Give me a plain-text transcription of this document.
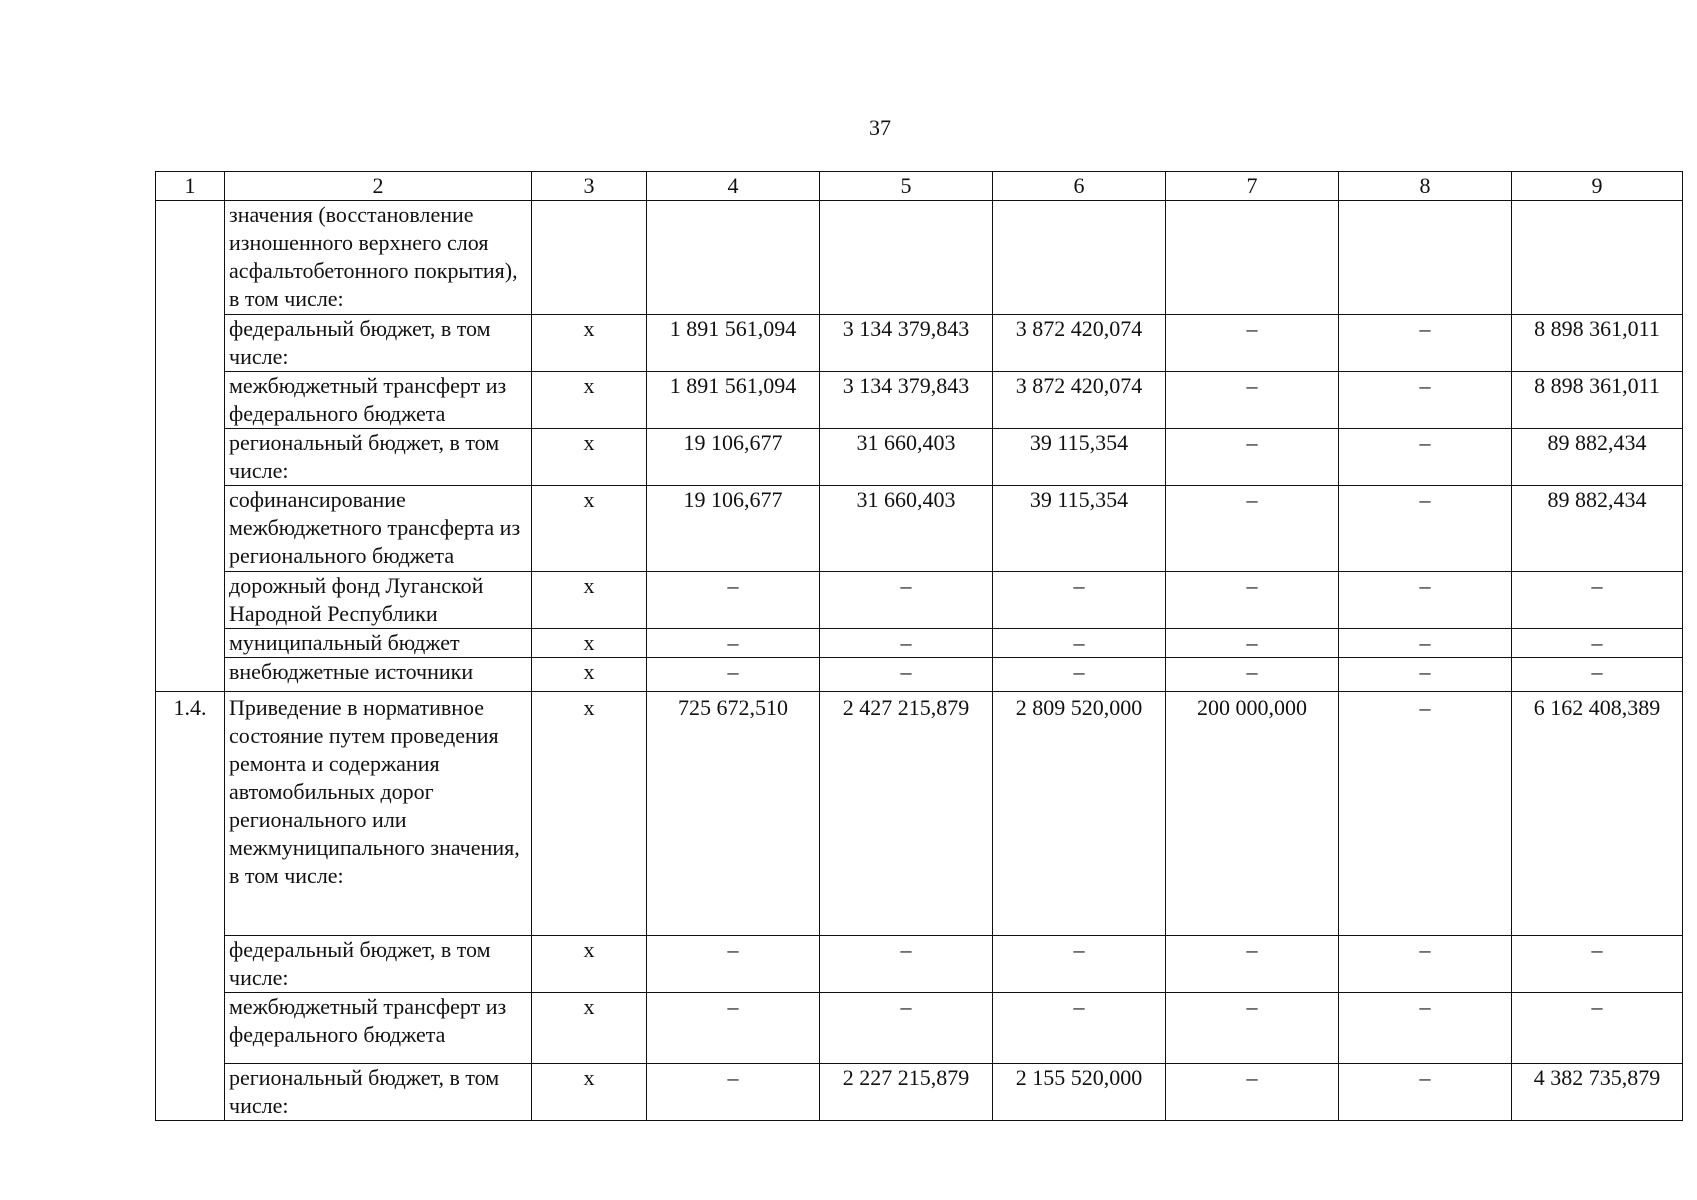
37
1	2	3	4	5	6	7	8	9
	значения (восстановление изношенного верхнего слоя асфальтобетонного покрытия), в том числе:							
	федеральный бюджет, в том числе:	х	1 891 561,094	3 134 379,843	3 872 420,074	–	–	8 898 361,011
	межбюджетный трансферт из федерального бюджета	х	1 891 561,094	3 134 379,843	3 872 420,074	–	–	8 898 361,011
	региональный бюджет, в том числе:	х	19 106,677	31 660,403	39 115,354	–	–	89 882,434
	софинансирование межбюджетного трансферта из регионального бюджета	х	19 106,677	31 660,403	39 115,354	–	–	89 882,434
	дорожный фонд Луганской Народной Республики	х	–	–	–	–	–	–
	муниципальный бюджет	х	–	–	–	–	–	–
	внебюджетные источники	х	–	–	–	–	–	–
1.4.	Приведение в нормативное состояние путем проведения ремонта и содержания автомобильных дорог регионального или межмуниципального значения, в том числе:	х	725 672,510	2 427 215,879	2 809 520,000	200 000,000	–	6 162 408,389
	федеральный бюджет, в том числе:	х	–	–	–	–	–	–
	межбюджетный трансферт из федерального бюджета	х	–	–	–	–	–	–
	региональный бюджет, в том числе:	х	–	2 227 215,879	2 155 520,000	–	–	4 382 735,879
